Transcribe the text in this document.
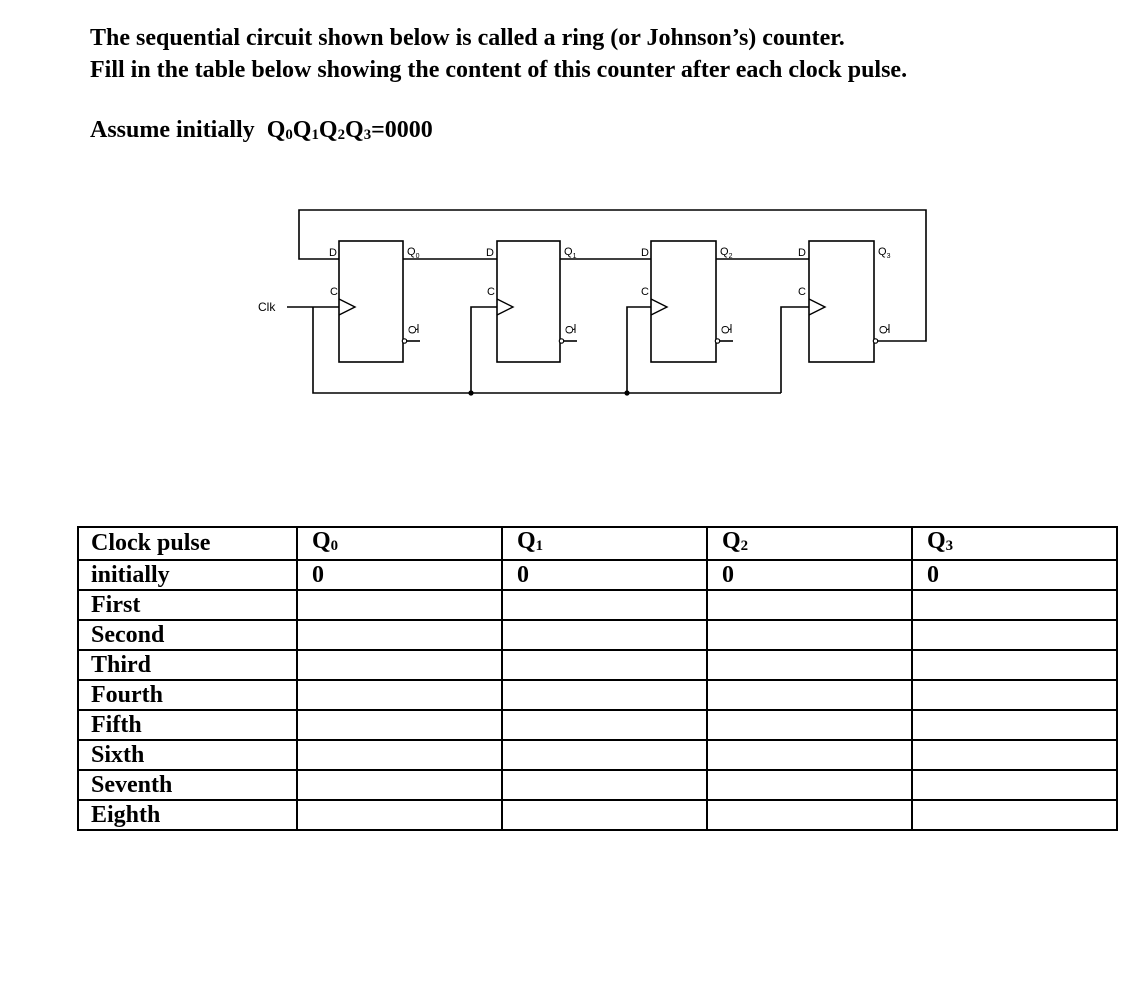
The sequential circuit shown below is called a ring (or Johnson’s) counter.
Fill in the table below showing the content of this counter after each clock pulse.
Assume initially $Q_0Q_1Q_2Q_3=0000$
Clk
D	D	D	D
C	C	C	C
$Q_0$	$Q_1$	$Q_2$	$Q_3$
Q	Q	Q	Q
Clock pulse	$Q_0$	$Q_1$	$Q_2$	$Q_3$
initially	0	0	0	0
First				
Second				
Third				
Fourth				
Fifth				
Sixth				
Seventh				
Eighth				
